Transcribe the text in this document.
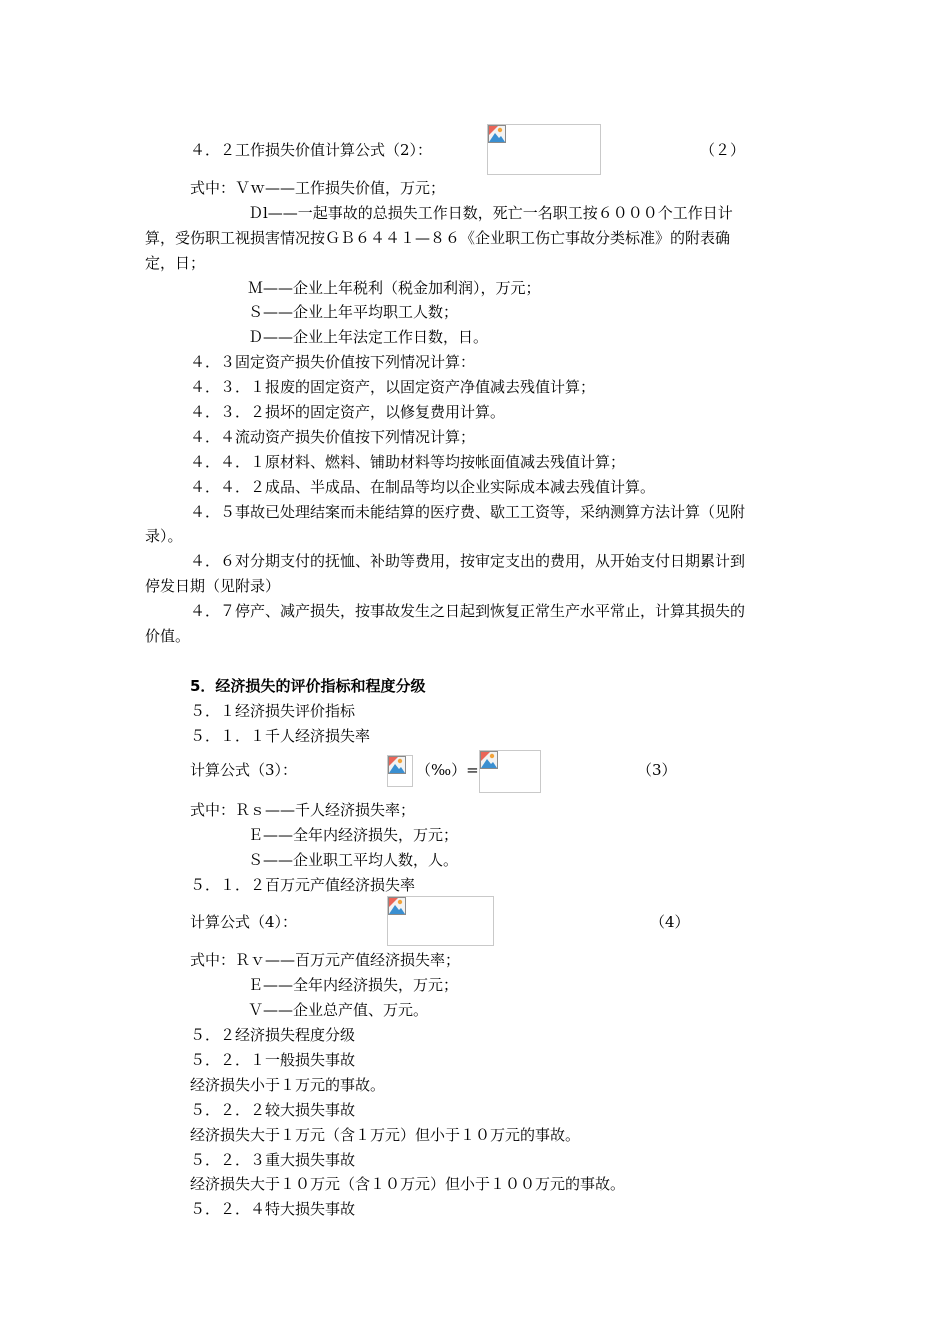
４．２工作损失价值计算公式（2）：	（２）
式中：Ｖｗ——工作损失价值，万元；
Ｄl——一起事故的总损失工作日数，死亡一名职工按６０００个工作日计
算，受伤职工视损害情况按ＧＢ６４４１—８６《企业职工伤亡事故分类标准》的附表确
定，日；
Ｍ——企业上年税利（税金加利润），万元；
Ｓ——企业上年平均职工人数；
Ｄ——企业上年法定工作日数，日。
４．３固定资产损失价值按下列情况计算：
４．３．１报废的固定资产，以固定资产净值减去残值计算；
４．３．２损坏的固定资产，以修复费用计算。
４．４流动资产损失价值按下列情况计算；
４．４．１原材料、燃料、铺助材料等均按帐面值减去残值计算；
４．４．２成品、半成品、在制品等均以企业实际成本减去残值计算。
４．５事故已处理结案而未能结算的医疗费、歇工工资等，采纳测算方法计算（见附
录）。
４．６对分期支付的抚恤、补助等费用，按审定支出的费用，从开始支付日期累计到
停发日期（见附录）
４．７停产、减产损失，按事故发生之日起到恢复正常生产水平常止，计算其损失的
价值。
5．经济损失的评价指标和程度分级
５．１经济损失评价指标
５．１．１千人经济损失率
计算公式（3）：	（‰）=	（3）
式中：Ｒｓ——千人经济损失率；
Ｅ——全年内经济损失，万元；
Ｓ——企业职工平均人数，人。
５．１．２百万元产值经济损失率
计算公式（4）：	（4）
式中：Ｒｖ——百万元产值经济损失率；
Ｅ——全年内经济损失，万元；
Ｖ——企业总产值、万元。
５．２经济损失程度分级
５．２．１一般损失事故
经济损失小于１万元的事故。
５．２．２较大损失事故
经济损失大于１万元（含１万元）但小于１０万元的事故。
５．２．３重大损失事故
经济损失大于１０万元（含１０万元）但小于１００万元的事故。
５．２．４特大损失事故
